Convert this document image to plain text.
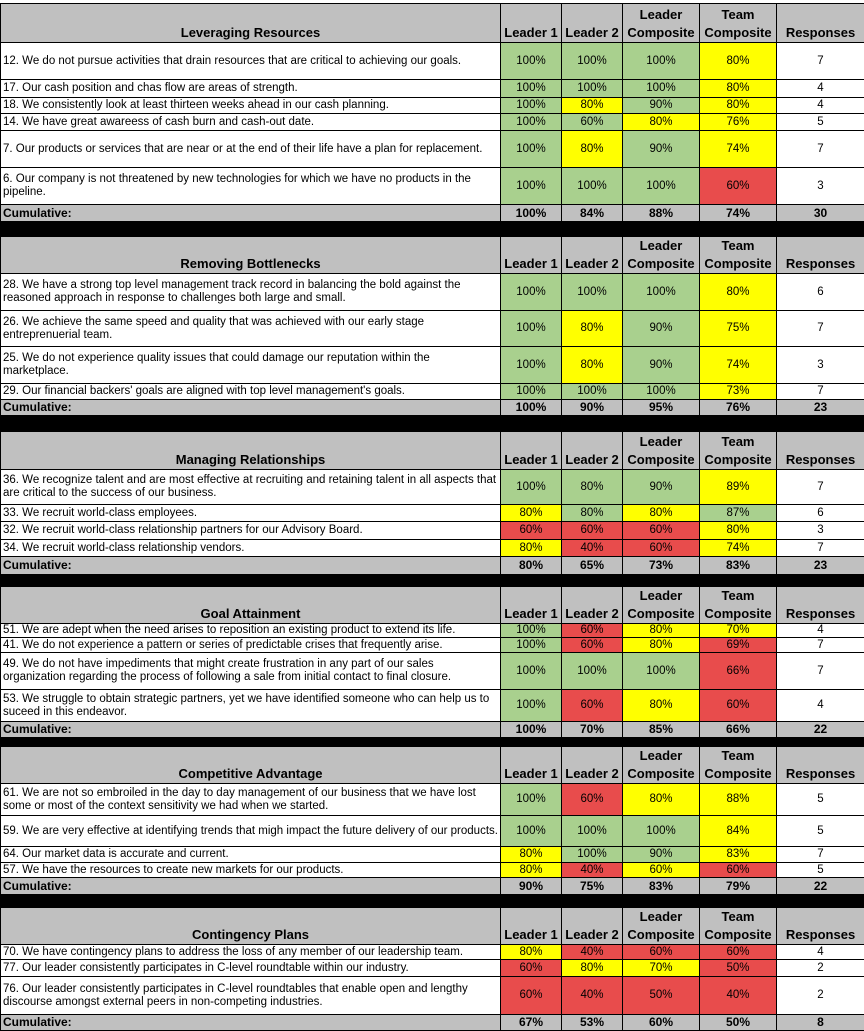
Leveraging Resources	Leader 1	Leader 2	Leader Composite	Team Composite	Responses
12. We do not pursue activities that drain resources that are critical to achieving our goals.	100%	100%	100%	80%	7
17. Our cash position and chas flow are areas of strength.	100%	100%	100%	80%	4
18. We consistently look at least thirteen weeks ahead in our cash planning.	100%	80%	90%	80%	4
14. We have great awareess of cash burn and cash-out date.	100%	60%	80%	76%	5
7. Our products or services that are near or at the end of their life have a plan for replacement.	100%	80%	90%	74%	7
6. Our company is not threatened by new technologies for which we have no products in the pipeline.	100%	100%	100%	60%	3
Cumulative:	100%	84%	88%	74%	30
Removing Bottlenecks	Leader 1	Leader 2	Leader Composite	Team Composite	Responses
28. We have a strong top level management track record in balancing the bold against the reasoned approach in response to challenges both large and small.	100%	100%	100%	80%	6
26. We achieve the same speed and quality that was achieved with our early stage entreprenuerial team.	100%	80%	90%	75%	7
25. We do not experience quality issues that could damage our reputation within the marketplace.	100%	80%	90%	74%	3
29. Our financial backers' goals are aligned with top level management's goals.	100%	100%	100%	73%	7
Cumulative:	100%	90%	95%	76%	23
Managing Relationships	Leader 1	Leader 2	Leader Composite	Team Composite	Responses
36. We recognize talent and are most effective at recruiting and retaining talent in all aspects that are critical to the success of our business.	100%	80%	90%	89%	7
33. We recruit world-class employees.	80%	80%	80%	87%	6
32. We recruit world-class relationship partners for our Advisory Board.	60%	60%	60%	80%	3
34. We recruit world-class relationship vendors.	80%	40%	60%	74%	7
Cumulative:	80%	65%	73%	83%	23
Goal Attainment	Leader 1	Leader 2	Leader Composite	Team Composite	Responses
51. We are adept when the need arises to reposition an existing product to extend its life.	100%	60%	80%	70%	4
41. We do not experience a pattern or series of predictable crises that frequently arise.	100%	60%	80%	69%	7
49. We do not have impediments that might create frustration in any part of our sales organization regarding the process of following a sale from initial contact to final closure.	100%	100%	100%	66%	7
53. We struggle to obtain strategic partners, yet we have identified someone who can help us to suceed in this endeavor.	100%	60%	80%	60%	4
Cumulative:	100%	70%	85%	66%	22
Competitive Advantage	Leader 1	Leader 2	Leader Composite	Team Composite	Responses
61. We are not so embroiled in the day to day management of our business that we have lost some or most of the context sensitivity we had when we started.	100%	60%	80%	88%	5
59. We are very effective at identifying trends that migh impact the future delivery of our products.	100%	100%	100%	84%	5
64. Our market data is accurate and current.	80%	100%	90%	83%	7
57. We have the resources to create new markets for our products.	80%	40%	60%	60%	5
Cumulative:	90%	75%	83%	79%	22
Contingency Plans	Leader 1	Leader 2	Leader Composite	Team Composite	Responses
70. We have contingency plans to address the loss of any member of our leadership team.	80%	40%	60%	60%	4
77. Our leader consistently participates in C-level roundtable within our industry.	60%	80%	70%	50%	2
76. Our leader consistently participates in C-level roundtables that enable open and lengthy discourse amongst external peers in non-competing industries.	60%	40%	50%	40%	2
Cumulative:	67%	53%	60%	50%	8
